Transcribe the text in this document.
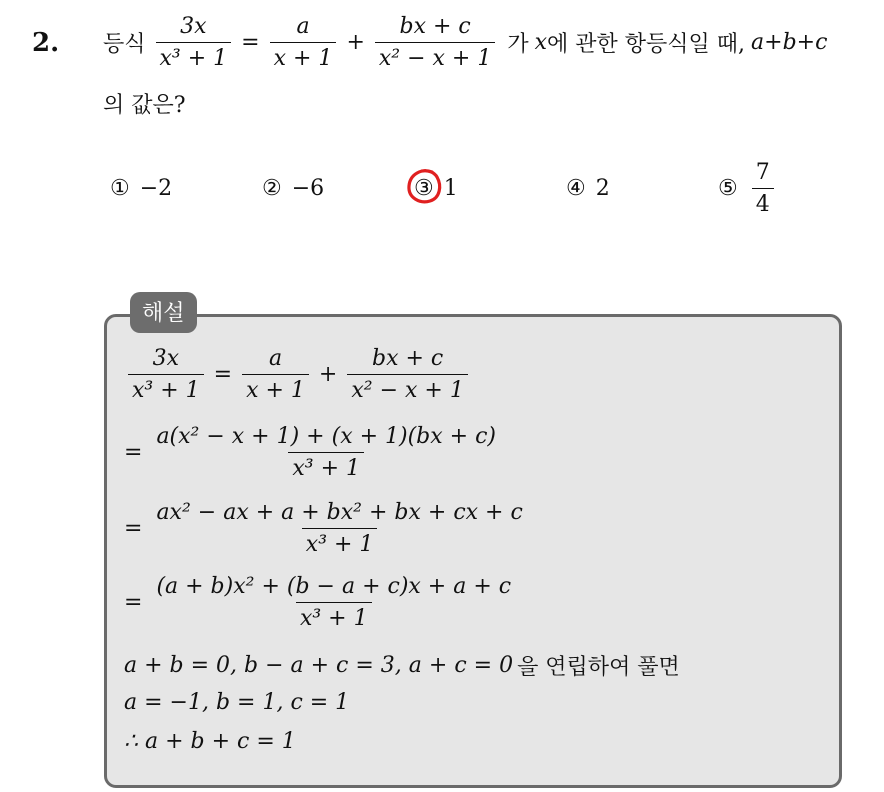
2. 등식 $\frac{3x}{\text{x³ + 1}} = \frac{a}{x + 1} + \frac{bx + c}{\text{x² − x + 1}}$ 가 x 에 관한 항등식일 때, a+b+c
의 값은?
① −2	② −6	③ 1	④ 2	⑤ $\frac{7}{4}$
해설
$\frac{3x}{\text{x³ + 1}} = \frac{a}{x + 1} + \frac{bx + c}{\text{x² − x + 1}}$
= $\frac{\text{a(x² − x + 1) + (x + 1)(bx + c)}}{\text{x³ + 1}}$
= $\frac{\text{ax² − ax + a + bx² + bx + cx + c}}{\text{x³ + 1}}$
= $\frac{\text{(a + b)x² + (b − a + c)x + a + c}}{\text{x³ + 1}}$
a + b = 0, b − a + c = 3, a + c = 0 을 연립하여 풀면
a = −1, b = 1, c = 1
∴ a + b + c = 1
